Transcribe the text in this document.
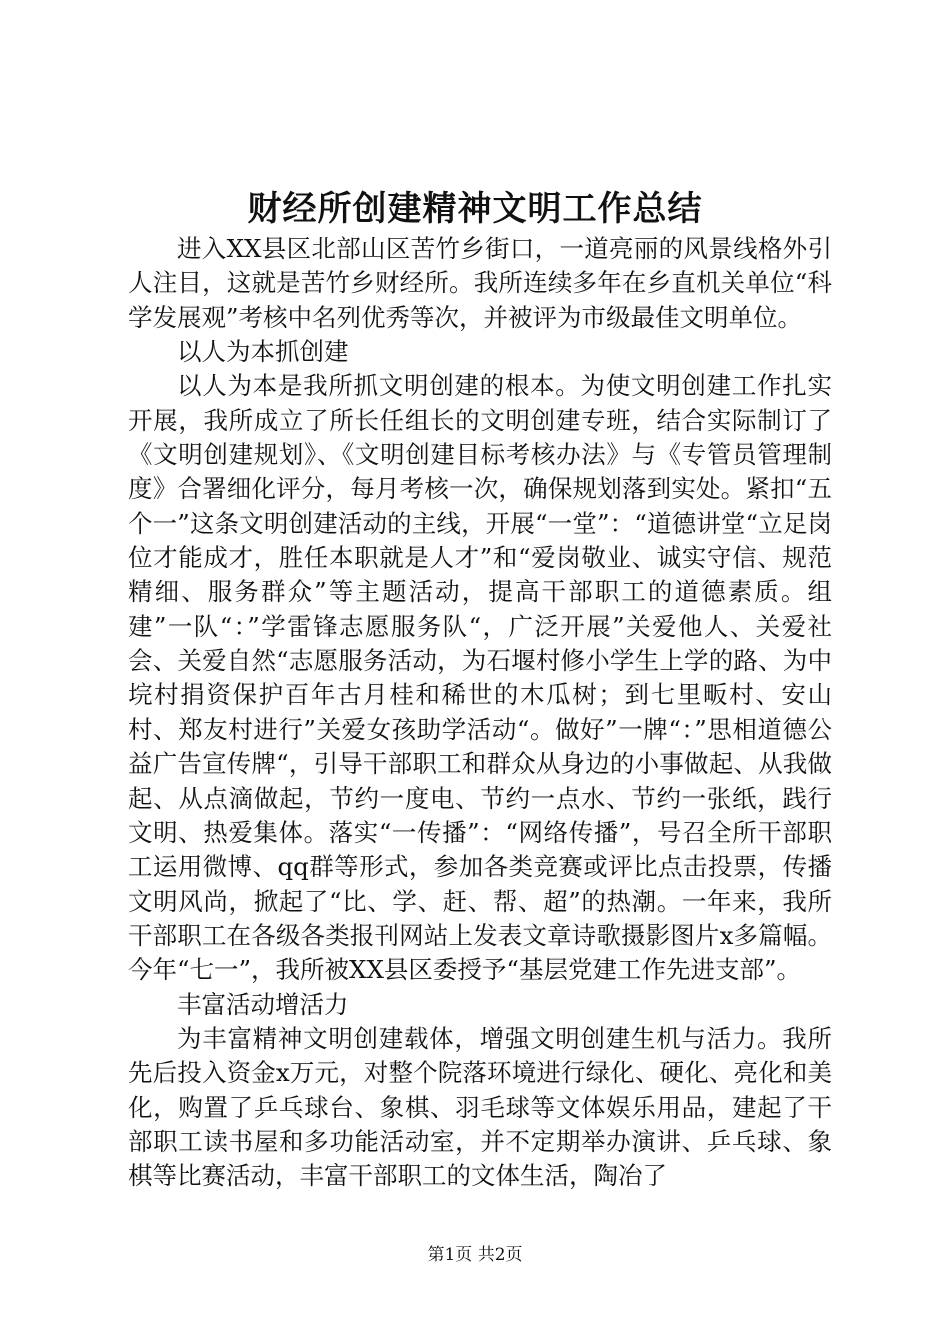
财经所创建精神文明工作总结

进入XX县区北部山区苦竹乡街口，一道亮丽的风景线格外引人注目，这就是苦竹乡财经所。我所连续多年在乡直机关单位“科学发展观”考核中名列优秀等次，并被评为市级最佳文明单位。

以人为本抓创建

以人为本是我所抓文明创建的根本。为使文明创建工作扎实开展，我所成立了所长任组长的文明创建专班，结合实际制订了《文明创建规划》、《文明创建目标考核办法》与《专管员管理制度》合署细化评分，每月考核一次，确保规划落到实处。紧扣“五个一”这条文明创建活动的主线，开展“一堂”：“道德讲堂“立足岗位才能成才，胜任本职就是人才”和“爱岗敬业、诚实守信、规范精细、服务群众”等主题活动，提高干部职工的道德素质。组建”一队“：”学雷锋志愿服务队“，广泛开展”关爱他人、关爱社会、关爱自然“志愿服务活动，为石堰村修小学生上学的路、为中垸村捐资保护百年古月桂和稀世的木瓜树；到七里畈村、安山村、郑友村进行”关爱女孩助学活动“。做好”一牌“：”思相道德公益广告宣传牌“，引导干部职工和群众从身边的小事做起、从我做起、从点滴做起，节约一度电、节约一点水、节约一张纸，践行文明、热爱集体。落实“一传播”：“网络传播”，号召全所干部职工运用微博、qq群等形式，参加各类竞赛或评比点击投票，传播文明风尚，掀起了“比、学、赶、帮、超”的热潮。一年来，我所干部职工在各级各类报刊网站上发表文章诗歌摄影图片x多篇幅。今年“七一”，我所被XX县区委授予“基层党建工作先进支部”。

丰富活动增活力

为丰富精神文明创建载体，增强文明创建生机与活力。我所先后投入资金x万元，对整个院落环境进行绿化、硬化、亮化和美化，购置了乒乓球台、象棋、羽毛球等文体娱乐用品，建起了干部职工读书屋和多功能活动室，并不定期举办演讲、乒乓球、象棋等比赛活动，丰富干部职工的文体生活，陶冶了

第1页 共2页
